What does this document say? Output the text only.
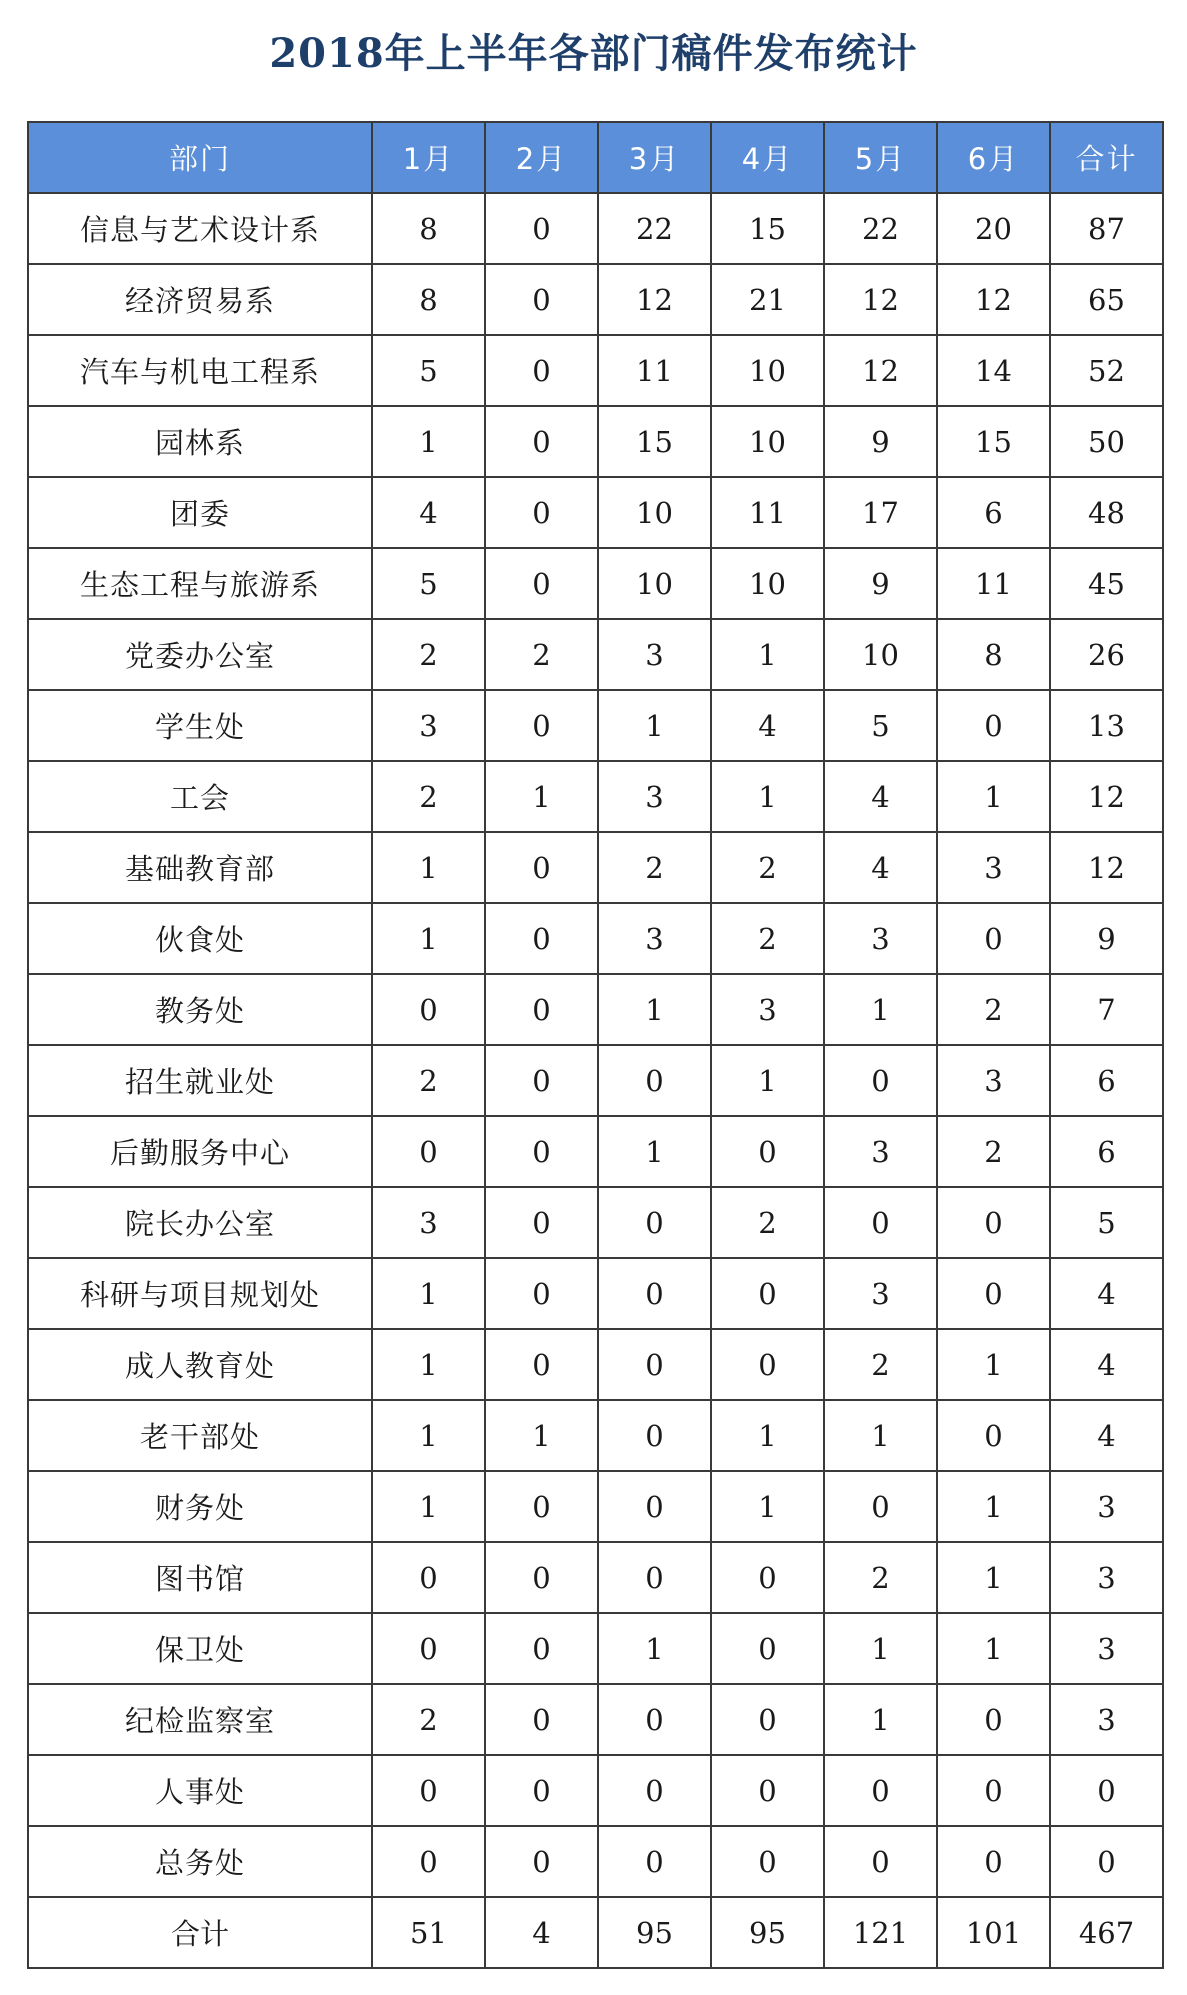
2018年上半年各部门稿件发布统计
部门	1月	2月	3月	4月	5月	6月	合计
信息与艺术设计系	8	0	22	15	22	20	87
经济贸易系	8	0	12	21	12	12	65
汽车与机电工程系	5	0	11	10	12	14	52
园林系	1	0	15	10	9	15	50
团委	4	0	10	11	17	6	48
生态工程与旅游系	5	0	10	10	9	11	45
党委办公室	2	2	3	1	10	8	26
学生处	3	0	1	4	5	0	13
工会	2	1	3	1	4	1	12
基础教育部	1	0	2	2	4	3	12
伙食处	1	0	3	2	3	0	9
教务处	0	0	1	3	1	2	7
招生就业处	2	0	0	1	0	3	6
后勤服务中心	0	0	1	0	3	2	6
院长办公室	3	0	0	2	0	0	5
科研与项目规划处	1	0	0	0	3	0	4
成人教育处	1	0	0	0	2	1	4
老干部处	1	1	0	1	1	0	4
财务处	1	0	0	1	0	1	3
图书馆	0	0	0	0	2	1	3
保卫处	0	0	1	0	1	1	3
纪检监察室	2	0	0	0	1	0	3
人事处	0	0	0	0	0	0	0
总务处	0	0	0	0	0	0	0
合计	51	4	95	95	121	101	467
